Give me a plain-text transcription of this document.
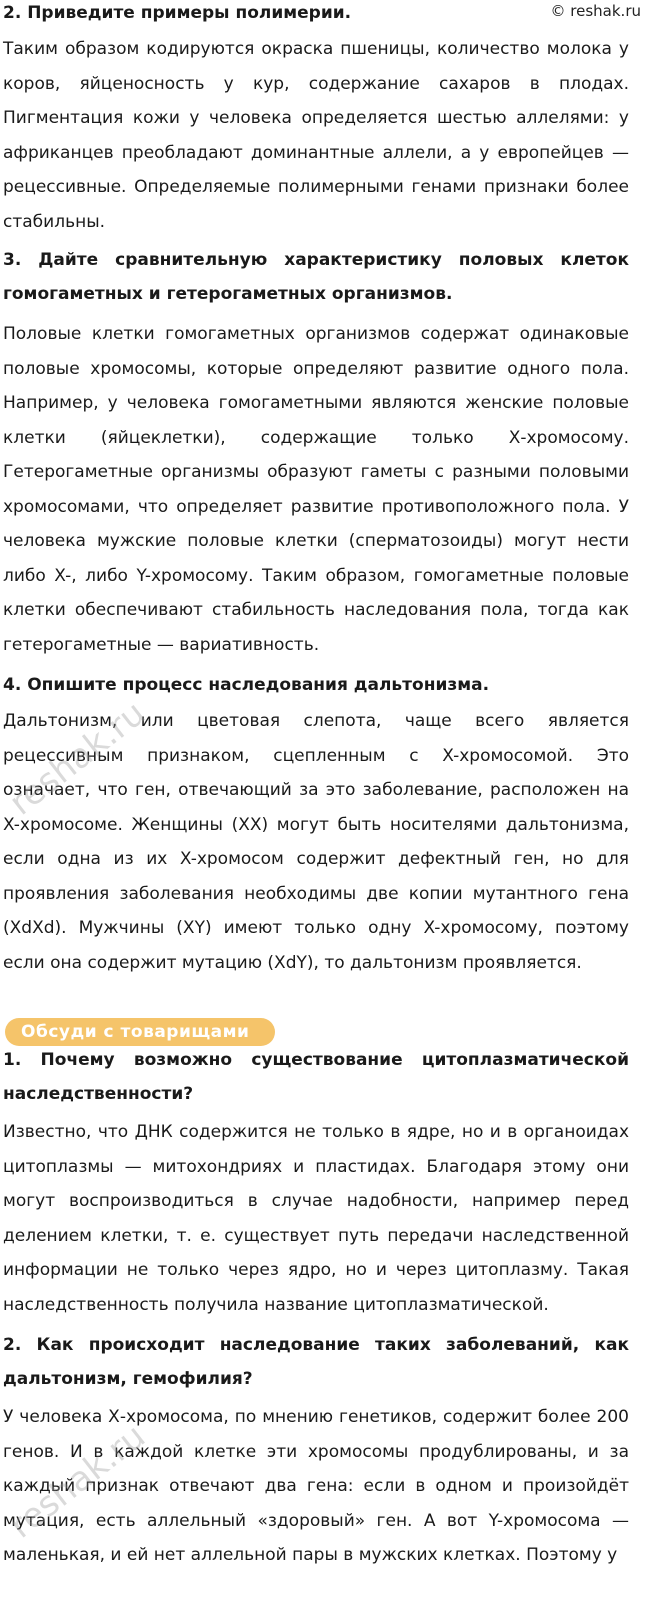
© reshak.ru
2. Приведите примеры полимерии.
Таким образом кодируются окраска пшеницы, количество молока у коров, яйценосность у кур, содержание сахаров в плодах. Пигментация кожи у человека определяется шестью аллелями: у африканцев преобладают доминантные аллели, а у европейцев — рецессивные. Определяемые полимерными генами признаки более стабильны.
3. Дайте сравнительную характеристику половых клеток гомогаметных и гетерогаметных организмов.
Половые клетки гомогаметных организмов содержат одинаковые половые хромосомы, которые определяют развитие одного пола. Например, у человека гомогаметными являются женские половые клетки (яйцеклетки), содержащие только Х-хромосому. Гетерогаметные организмы образуют гаметы с разными половыми хромосомами, что определяет развитие противоположного пола. У человека мужские половые клетки (сперматозоиды) могут нести либо X-, либо Y-хромосому. Таким образом, гомогаметные половые клетки обеспечивают стабильность наследования пола, тогда как гетерогаметные — вариативность.
4. Опишите процесс наследования дальтонизма.
Дальтонизм, или цветовая слепота, чаще всего является рецессивным признаком, сцепленным с X-хромосомой. Это означает, что ген, отвечающий за это заболевание, расположен на X-хромосоме. Женщины (XX) могут быть носителями дальтонизма, если одна из их X-хромосом содержит дефектный ген, но для проявления заболевания необходимы две копии мутантного гена (XdXd). Мужчины (XY) имеют только одну X-хромосому, поэтому если она содержит мутацию (XdY), то дальтонизм проявляется.
Обсуди с товарищами
1. Почему возможно существование цитоплазматической наследственности?
Известно, что ДНК содержится не только в ядре, но и в органоидах цитоплазмы — митохондриях и пластидах. Благодаря этому они могут воспроизводиться в случае надобности, например перед делением клетки, т. е. существует путь передачи наследственной информации не только через ядро, но и через цитоплазму. Такая наследственность получила название цитоплазматической.
2. Как происходит наследование таких заболеваний, как дальтонизм, гемофилия?
У человека Х-хромосома, по мнению генетиков, содержит более 200 генов. И в каждой клетке эти хромосомы продублированы, и за каждый признак отвечают два гена: если в одном и произойдёт мутация, есть аллельный «здоровый» ген. А вот Y-хромосома — маленькая, и ей нет аллельной пары в мужских клетках. Поэтому у
reshak.ru
reshak.ru
